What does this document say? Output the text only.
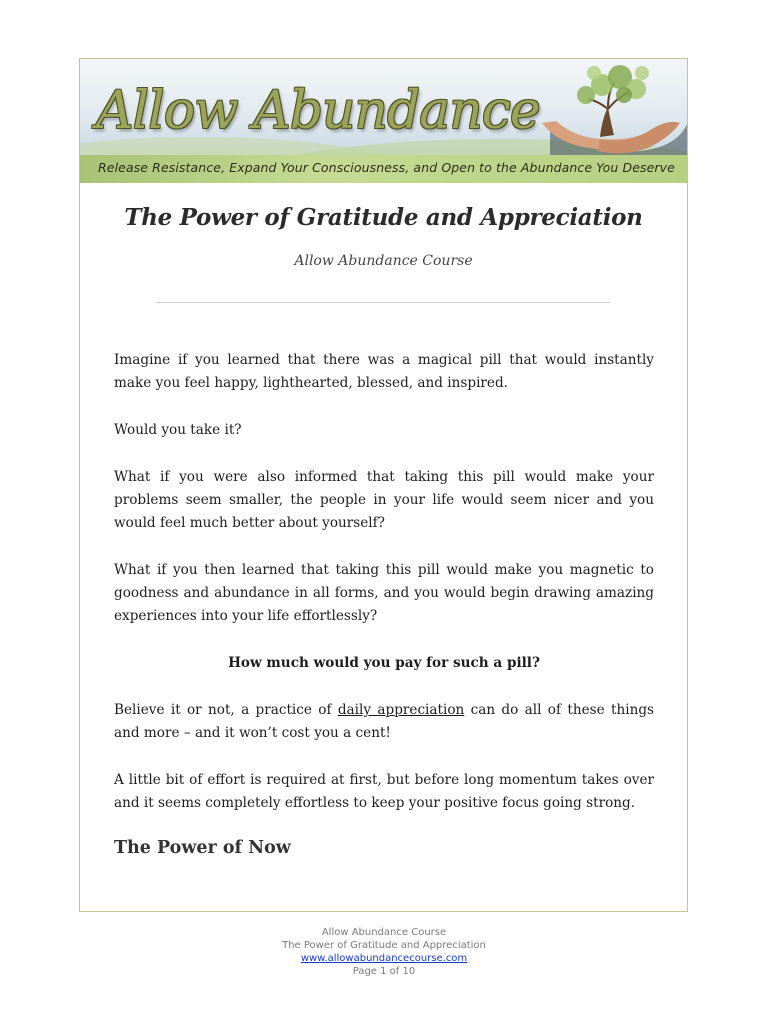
Allow Abundance
Release Resistance, Expand Your Consciousness, and Open to the Abundance You Deserve
The Power of Gratitude and Appreciation
Allow Abundance Course

Imagine if you learned that there was a magical pill that would instantly make you feel happy, lighthearted, blessed, and inspired.

Would you take it?

What if you were also informed that taking this pill would make your problems seem smaller, the people in your life would seem nicer and you would feel much better about yourself?

What if you then learned that taking this pill would make you magnetic to goodness and abundance in all forms, and you would begin drawing amazing experiences into your life effortlessly?

How much would you pay for such a pill?

Believe it or not, a practice of daily appreciation can do all of these things and more – and it won’t cost you a cent!

A little bit of effort is required at first, but before long momentum takes over and it seems completely effortless to keep your positive focus going strong.

The Power of Now
Allow Abundance Course
The Power of Gratitude and Appreciation
www.allowabundancecourse.com
Page 1 of 10
